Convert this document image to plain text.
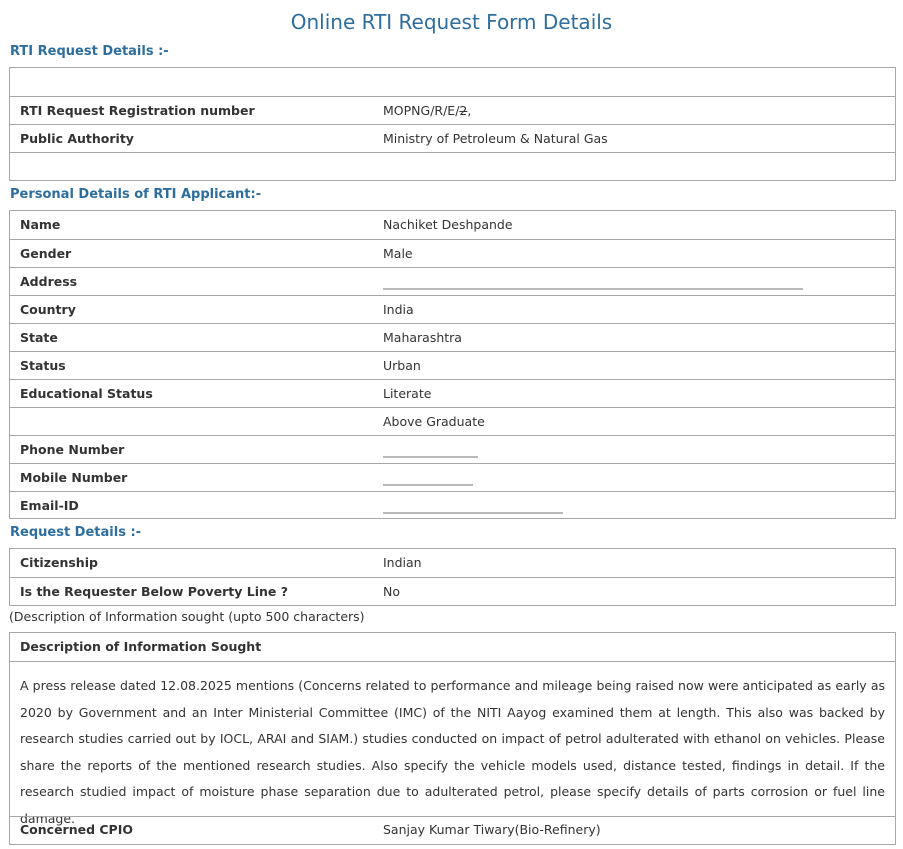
Online RTI Request Form Details
RTI Request Details :-
RTI Request Registration number	MOPNG/R/E/2̶,
Public Authority	Ministry of Petroleum & Natural Gas
Personal Details of RTI Applicant:-
Name	Nachiket Deshpande
Gender	Male
Address
Country	India
State	Maharashtra
Status	Urban
Educational Status	Literate
Above Graduate
Phone Number
Mobile Number
Email-ID
Request Details :-
Citizenship	Indian
Is the Requester Below Poverty Line ?	No
(Description of Information sought (upto 500 characters)
Description of Information Sought
A press release dated 12.08.2025 mentions (Concerns related to performance and mileage being raised now were anticipated as early as 2020 by Government and an Inter Ministerial Committee (IMC) of the NITI Aayog examined them at length. This also was backed by research studies carried out by IOCL, ARAI and SIAM.) studies conducted on impact of petrol adulterated with ethanol on vehicles. Please share the reports of the mentioned research studies. Also specify the vehicle models used, distance tested, findings in detail. If the research studied impact of moisture phase separation due to adulterated petrol, please specify details of parts corrosion or fuel line damage.
Concerned CPIO	Sanjay Kumar Tiwary(Bio-Refinery)
